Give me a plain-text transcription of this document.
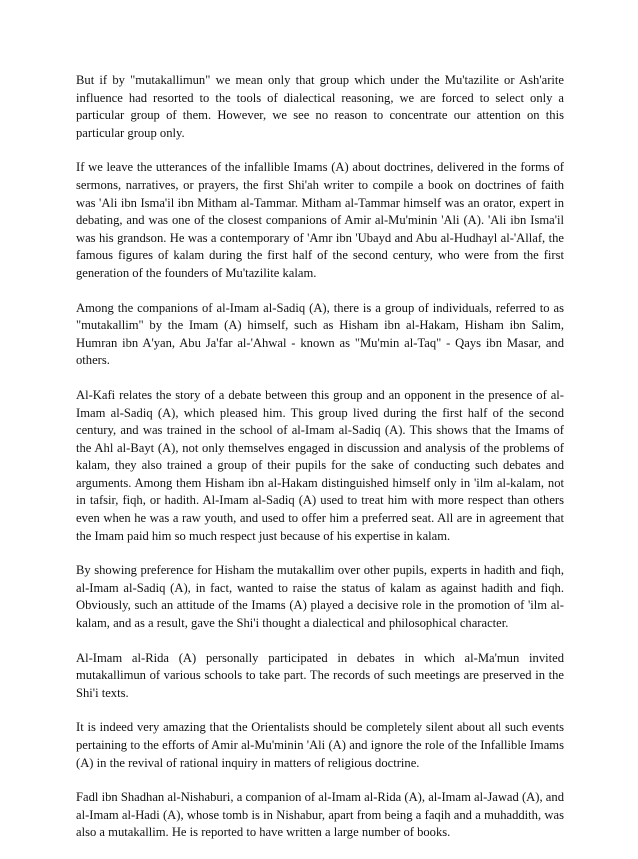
But if by "mutakallimun" we mean only that group which under the Mu'tazilite or Ash'arite influence had resorted to the tools of dialectical reasoning, we are forced to select only a particular group of them. However, we see no reason to concentrate our attention on this particular group only.

If we leave the utterances of the infallible Imams (A) about doctrines, delivered in the forms of sermons, narratives, or prayers, the first Shi'ah writer to compile a book on doctrines of faith was 'Ali ibn Isma'il ibn Mitham al-Tammar. Mitham al-Tammar himself was an orator, expert in debating, and was one of the closest companions of Amir al-Mu'minin 'Ali (A). 'Ali ibn Isma'il was his grandson. He was a contemporary of 'Amr ibn 'Ubayd and Abu al-Hudhayl al-'Allaf, the famous figures of kalam during the first half of the second century, who were from the first generation of the founders of Mu'tazilite kalam.

Among the companions of al-Imam al-Sadiq (A), there is a group of individuals, referred to as "mutakallim" by the Imam (A) himself, such as Hisham ibn al-Hakam, Hisham ibn Salim, Humran ibn A'yan, Abu Ja'far al-'Ahwal - known as "Mu'min al-Taq" - Qays ibn Masar, and others.

Al-Kafi relates the story of a debate between this group and an opponent in the presence of al-Imam al-Sadiq (A), which pleased him. This group lived during the first half of the second century, and was trained in the school of al-Imam al-Sadiq (A). This shows that the Imams of the Ahl al-Bayt (A), not only themselves engaged in discussion and analysis of the problems of kalam, they also trained a group of their pupils for the sake of conducting such debates and arguments. Among them Hisham ibn al-Hakam distinguished himself only in 'ilm al-kalam, not in tafsir, fiqh, or hadith. Al-Imam al-Sadiq (A) used to treat him with more respect than others even when he was a raw youth, and used to offer him a preferred seat. All are in agreement that the Imam paid him so much respect just because of his expertise in kalam.

By showing preference for Hisham the mutakallim over other pupils, experts in hadith and fiqh, al-Imam al-Sadiq (A), in fact, wanted to raise the status of kalam as against hadith and fiqh. Obviously, such an attitude of the Imams (A) played a decisive role in the promotion of 'ilm al-kalam, and as a result, gave the Shi'i thought a dialectical and philosophical character.

Al-Imam al-Rida (A) personally participated in debates in which al-Ma'mun invited mutakallimun of various schools to take part. The records of such meetings are preserved in the Shi'i texts.

It is indeed very amazing that the Orientalists should be completely silent about all such events pertaining to the efforts of Amir al-Mu'minin 'Ali (A) and ignore the role of the Infallible Imams (A) in the revival of rational inquiry in matters of religious doctrine.

Fadl ibn Shadhan al-Nishaburi, a companion of al-Imam al-Rida (A), al-Imam al-Jawad (A), and al-Imam al-Hadi (A), whose tomb is in Nishabur, apart from being a faqih and a muhaddith, was also a mutakallim. He is reported to have written a large number of books.
